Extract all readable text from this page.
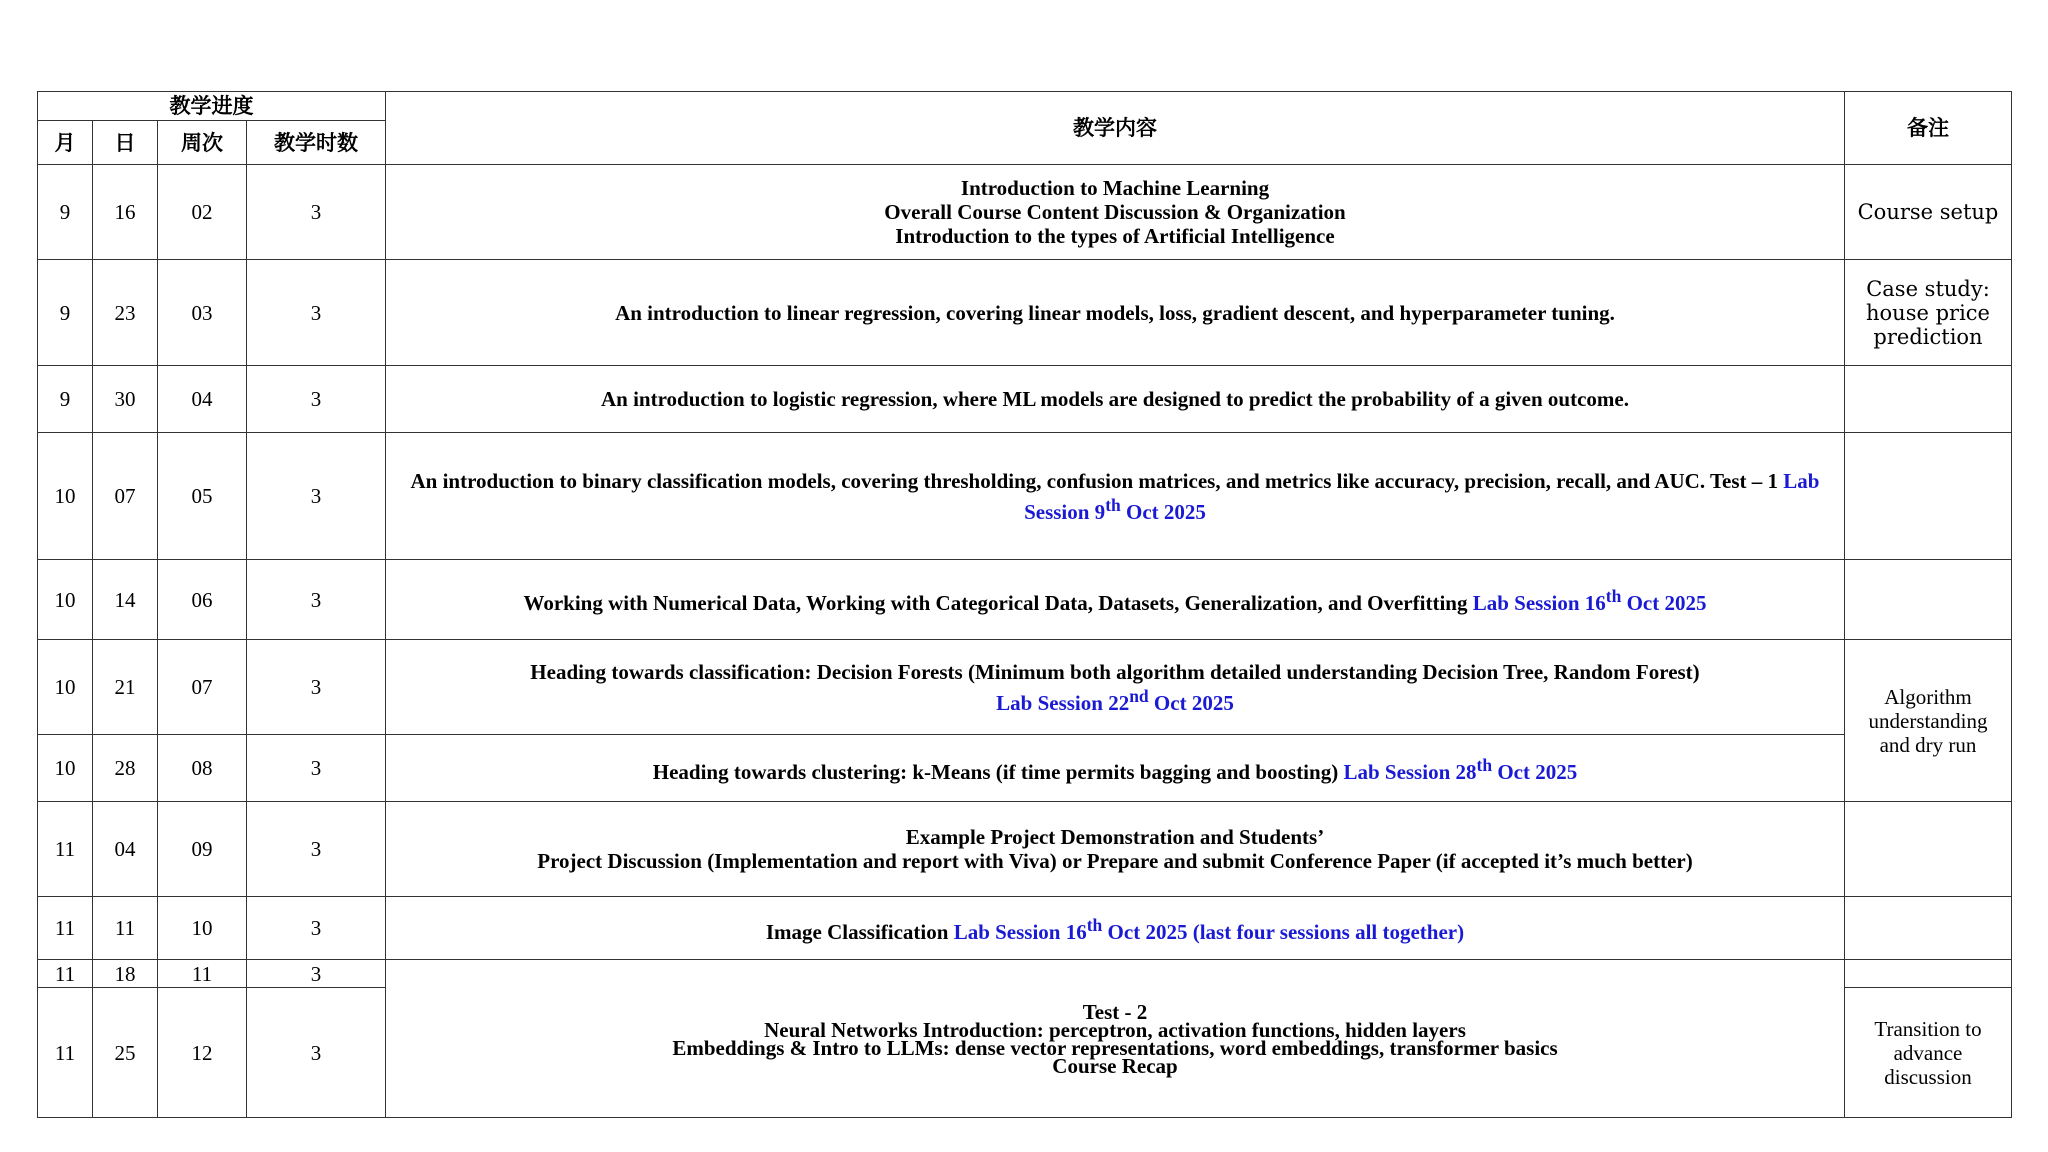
教学进度				教学内容	备注
月	日	周次	教学时数		
9	16	02	3	Introduction to Machine Learning
Overall Course Content Discussion & Organization
Introduction to the types of Artificial Intelligence	Course setup
9	23	03	3	An introduction to linear regression, covering linear models, loss, gradient descent, and hyperparameter tuning.	Case study: house price prediction
9	30	04	3	An introduction to logistic regression, where ML models are designed to predict the probability of a given outcome.	
10	07	05	3	An introduction to binary classification models, covering thresholding, confusion matrices, and metrics like accuracy, precision, recall, and AUC. Test – 1 Lab Session 9th Oct 2025	
10	14	06	3	Working with Numerical Data, Working with Categorical Data, Datasets, Generalization, and Overfitting Lab Session 16th Oct 2025	
10	21	07	3	Heading towards classification: Decision Forests (Minimum both algorithm detailed understanding Decision Tree, Random Forest)
Lab Session 22nd Oct 2025	Algorithm understanding and dry run
10	28	08	3	Heading towards clustering: k-Means (if time permits bagging and boosting) Lab Session 28th Oct 2025	
11	04	09	3	Example Project Demonstration and Students’
Project Discussion (Implementation and report with Viva) or Prepare and submit Conference Paper (if accepted it’s much better)	

11	11	10	3	Image Classification Lab Session 16th Oct 2025 (last four sessions all together)	
11	18	11	3	Test - 2
Neural Networks Introduction: perceptron, activation functions, hidden layers
Embeddings & Intro to LLMs: dense vector representations, word embeddings, transformer basics
Course Recap	

11	25	12	3		Transition to advance discussion
